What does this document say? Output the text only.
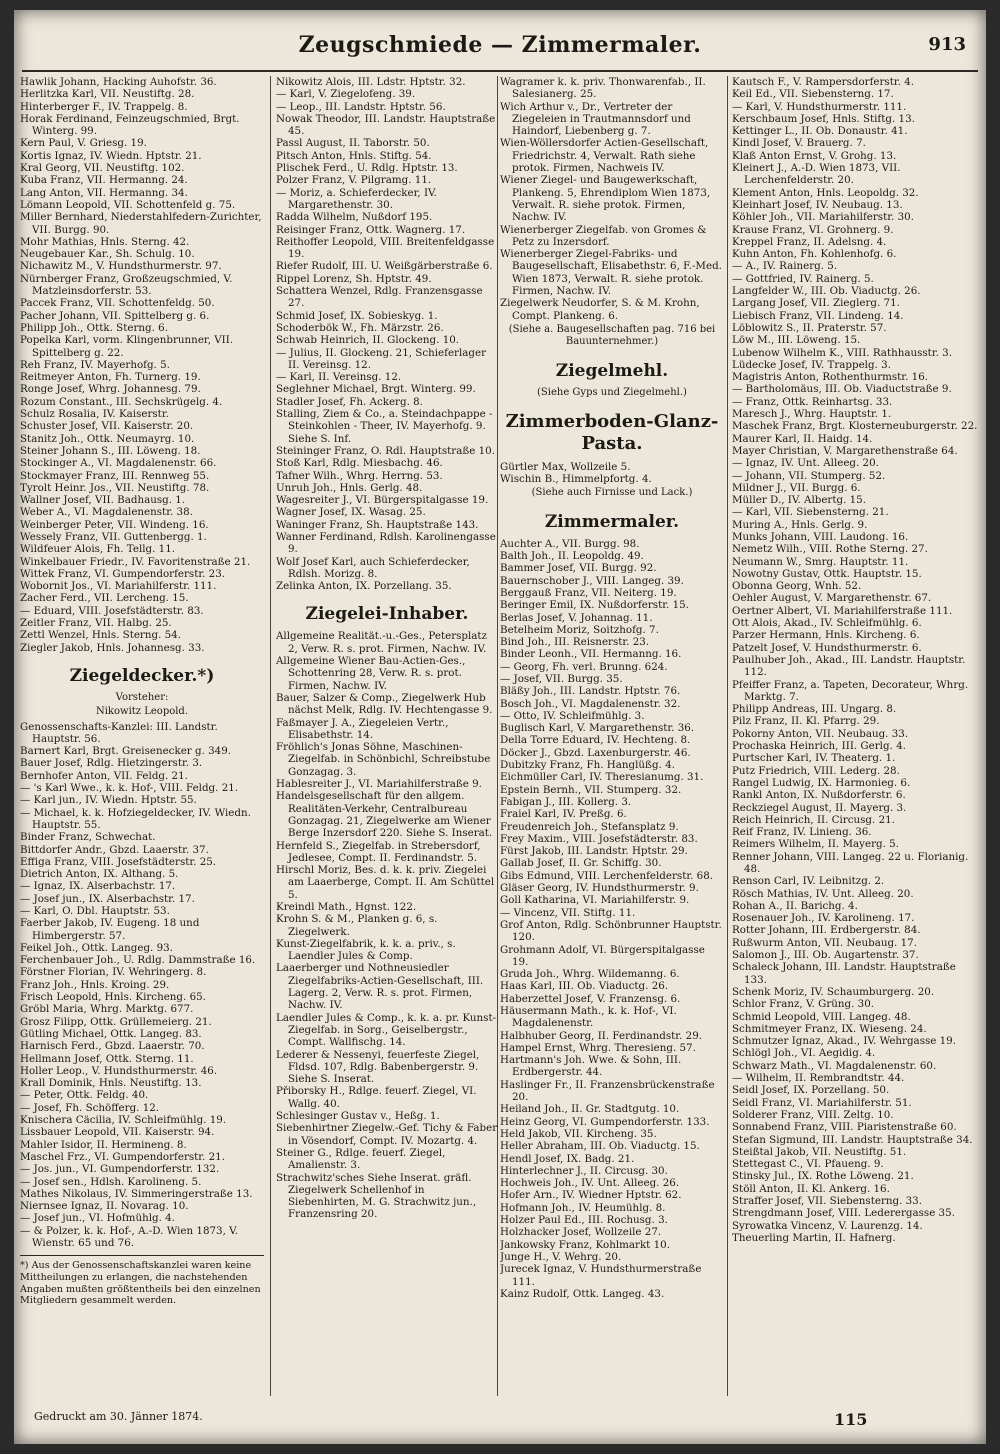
Zeugschmiede — Zimmermaler.	913
Hawlik Johann, Hacking Auhofstr. 36.
Herlitzka Karl, VII. Neustiftg. 28.
Hinterberger F., IV. Trappelg. 8.
Horak Ferdinand, Feinzeugschmied, Brgt. Winterg. 99.
Kern Paul, V. Griesg. 19.
Kortis Ignaz, IV. Wiedn. Hptstr. 21.
Kral Georg, VII. Neustiftg. 102.
Kuba Franz, VII. Hermanng. 24.
Lang Anton, VII. Hermanng. 34.
Lömann Leopold, VII. Schottenfeld g. 75.
Miller Bernhard, Niederstahlfedern-Zurichter, VII. Burgg. 90.
Mohr Mathias, Hnls. Sterng. 42.
Neugebauer Kar., Sh. Schulg. 10.
Nichawitz M., V. Hundsthurmerstr. 97.
Nürnberger Franz, Großzeugschmied, V. Matzleinsdorferstr. 53.
Paccek Franz, VII. Schottenfeldg. 50.
Pacher Johann, VII. Spittelberg g. 6.
Philipp Joh., Ottk. Sterng. 6.
Popelka Karl, vorm. Klingenbrunner, VII. Spittelberg g. 22.
Reh Franz, IV. Mayerhofg. 5.
Reitmeyer Anton, Fh. Turnerg. 19.
Ronge Josef, Whrg. Johannesg. 79.
Rozum Constant., III. Sechskrügelg. 4.
Schulz Rosalia, IV. Kaiserstr.
Schuster Josef, VII. Kaiserstr. 20.
Stanitz Joh., Ottk. Neumayrg. 10.
Steiner Johann S., III. Löweng. 18.
Stockinger A., VI. Magdalenenstr. 66.
Stockmayer Franz, III. Rennweg 55.
Tyrolt Heinr. Jos., VII. Neustiftg. 78.
Wallner Josef, VII. Badhausg. 1.
Weber A., VI. Magdalenenstr. 38.
Weinberger Peter, VII. Windeng. 16.
Wessely Franz, VII. Guttenbergg. 1.
Wildfeuer Alois, Fh. Tellg. 11.
Winkelbauer Friedr., IV. Favoritenstraße 21.
Wittek Franz, VI. Gumpendorferstr. 23.
Wobornit Jos., VI. Mariahilferstr. 111.
Zacher Ferd., VII. Lercheng. 15.
— Eduard, VIII. Josefstädterstr. 83.
Zeitler Franz, VII. Halbg. 25.
Zettl Wenzel, Hnls. Sterng. 54.
Ziegler Jakob, Hnls. Johannesg. 33.
Ziegeldecker.*)
Vorsteher:
Nikowitz Leopold.
Genossenschafts-Kanzlei: III. Landstr. Hauptstr. 56.
Barnert Karl, Brgt. Greisenecker g. 349.
Bauer Josef, Rdlg. Hietzingerstr. 3.
Bernhofer Anton, VII. Feldg. 21.
— 's Karl Wwe., k. k. Hof-, VIII. Feldg. 21.
— Karl jun., IV. Wiedn. Hptstr. 55.
— Michael, k. k. Hofziegeldecker, IV. Wiedn. Hauptstr. 55.
Binder Franz, Schwechat.
Bittdorfer Andr., Gbzd. Laaerstr. 37.
Effiga Franz, VIII. Josefstädterstr. 25.
Dietrich Anton, IX. Althang. 5.
— Ignaz, IX. Alserbachstr. 17.
— Josef jun., IX. Alserbachstr. 17.
— Karl, O. Dbl. Hauptstr. 53.
Faerber Jakob, IV. Eugeng. 18 und Himbergerstr. 57.
Feikel Joh., Ottk. Langeg. 93.
Ferchenbauer Joh., U. Rdlg. Dammstraße 16.
Förstner Florian, IV. Wehringerg. 8.
Franz Joh., Hnls. Kroing. 29.
Frisch Leopold, Hnls. Kircheng. 65.
Gröbl Maria, Whrg. Marktg. 677.
Grosz Filipp, Ottk. Grüllemeierg. 21.
Gütling Michael, Ottk. Langeg. 83.
Harnisch Ferd., Gbzd. Laaerstr. 70.
Hellmann Josef, Ottk. Sterng. 11.
Holler Leop., V. Hundsthurmerstr. 46.
Krall Dominik, Hnls. Neustiftg. 13.
— Peter, Ottk. Feldg. 40.
— Josef, Fh. Schöfferg. 12.
Knischera Cäcilia, IV. Schleifmühlg. 19.
Lissbauer Leopold, VII. Kaiserstr. 94.
Mahler Isidor, II. Hermineng. 8.
Maschel Frz., VI. Gumpendorferstr. 21.
— Jos. jun., VI. Gumpendorferstr. 132.
— Josef sen., Hdlsh. Karolineng. 5.
Mathes Nikolaus, IV. Simmeringerstraße 13.
Niernsee Ignaz, II. Novarag. 10.
— Josef jun., VI. Hofmühlg. 4.
— & Polzer, k. k. Hof-, A.-D. Wien 1873, V. Wienstr. 65 und 76.
*) Aus der Genossenschaftskanzlei waren keine Mittheilungen zu erlangen, die nachstehenden Angaben mußten größtentheils bei den einzelnen Mitgliedern gesammelt werden.
Nikowitz Alois, III. Ldstr. Hptstr. 32.
— Karl, V. Ziegelofeng. 39.
— Leop., III. Landstr. Hptstr. 56.
Nowak Theodor, III. Landstr. Hauptstraße 45.
Passl August, II. Taborstr. 50.
Pitsch Anton, Hnls. Stiftg. 54.
Plischek Ferd., U. Rdlg. Hptstr. 13.
Polzer Franz, V. Pilgramg. 11.
— Moriz, a. Schieferdecker, IV. Margarethenstr. 30.
Radda Wilhelm, Nußdorf 195.
Reisinger Franz, Ottk. Wagnerg. 17.
Reithoffer Leopold, VIII. Breitenfeldgasse 19.
Riefer Rudolf, III. U. Weißgärberstraße 6.
Rippel Lorenz, Sh. Hptstr. 49.
Schattera Wenzel, Rdlg. Franzensgasse 27.
Schmid Josef, IX. Sobieskyg. 1.
Schoderbök W., Fh. Märzstr. 26.
Schwab Heinrich, II. Glockeng. 10.
— Julius, II. Glockeng. 21, Schieferlager II. Vereinsg. 12.
— Karl, II. Vereinsg. 12.
Seglehner Michael, Brgt. Winterg. 99.
Stadler Josef, Fh. Ackerg. 8.
Stalling, Ziem & Co., a. Steindachpappe - Steinkohlen - Theer, IV. Mayerhofg. 9. Siehe S. Inf.
Steininger Franz, O. Rdl. Hauptstraße 10.
Stoß Karl, Rdlg. Miesbachg. 46.
Tafner Wilh., Whrg. Herrng. 53.
Unruh Joh., Hnls. Gerlg. 48.
Wagesreiter J., VI. Bürgerspitalgasse 19.
Wagner Josef, IX. Wasag. 25.
Waninger Franz, Sh. Hauptstraße 143.
Wanner Ferdinand, Rdlsh. Karolinengasse 9.
Wolf Josef Karl, auch Schieferdecker, Rdlsh. Morizg. 8.
Zelinka Anton, IX. Porzellang. 35.
Ziegelei-Inhaber.
Allgemeine Realität.-u.-Ges., Petersplatz 2, Verw. R. s. prot. Firmen, Nachw. IV.
Allgemeine Wiener Bau-Actien-Ges., Schottenring 28, Verw. R. s. prot. Firmen, Nachw. IV.
Bauer, Salzer & Comp., Ziegelwerk Hub nächst Melk, Rdlg. IV. Hechtengasse 9.
Faßmayer J. A., Ziegeleien Vertr., Elisabethstr. 14.
Fröhlich's Jonas Söhne, Maschinen-Ziegelfab. in Schönbichl, Schreibstube Gonzagag. 3.
Hablesreiter J., VI. Mariahilferstraße 9.
Handelsgesellschaft für den allgem. Realitäten-Verkehr, Centralbureau Gonzagag. 21, Ziegelwerke am Wiener Berge Inzersdorf 220. Siehe S. Inserat.
Hernfeld S., Ziegelfab. in Strebersdorf, Jedlesee, Compt. II. Ferdinandstr. 5.
Hirschl Moriz, Bes. d. k. k. priv. Ziegelei am Laaerberge, Compt. II. Am Schüttel 5.
Kreindl Math., Hgnst. 122.
Krohn S. & M., Planken g. 6, s. Ziegelwerk.
Kunst-Ziegelfabrik, k. k. a. priv., s. Laendler Jules & Comp.
Laaerberger und Nothneusiedler Ziegelfabriks-Actien-Gesellschaft, III. Lagerg. 2, Verw. R. s. prot. Firmen, Nachw. IV.
Laendler Jules & Comp., k. k. a. pr. Kunst-Ziegelfab. in Sorg., Geiselbergstr., Compt. Wallfischg. 14.
Lederer & Nessenyi, feuerfeste Ziegel, Fldsd. 107, Rdlg. Babenbergerstr. 9. Siehe S. Inserat.
Přiborsky H., Rdlge. feuerf. Ziegel, VI. Wallg. 40.
Schlesinger Gustav v., Heßg. 1.
Siebenhirtner Ziegelw.-Gef. Tichy & Faber in Vösendorf, Compt. IV. Mozartg. 4.
Steiner G., Rdlge. feuerf. Ziegel, Amalienstr. 3.
Strachwitz'sches Siehe Inserat. gräfl. Ziegelwerk Schellenhof in Siebenhirten, M. G. Strachwitz jun., Franzensring 20.
Wagramer k. k. priv. Thonwarenfab., II. Salesianerg. 25.
Wich Arthur v., Dr., Vertreter der Ziegeleien in Trautmannsdorf und Haindorf, Liebenberg g. 7.
Wien-Wöllersdorfer Actien-Gesellschaft, Friedrichstr. 4, Verwalt. Rath siehe protok. Firmen, Nachweis IV.
Wiener Ziegel- und Baugewerkschaft, Plankeng. 5, Ehrendiplom Wien 1873, Verwalt. R. siehe protok. Firmen, Nachw. IV.
Wienerberger Ziegelfab. von Gromes & Petz zu Inzersdorf.
Wienerberger Ziegel-Fabriks- und Baugesellschaft, Elisabethstr. 6, F.-Med. Wien 1873, Verwalt. R. siehe protok. Firmen, Nachw. IV.
Ziegelwerk Neudorfer, S. & M. Krohn, Compt. Plankeng. 6.
(Siehe a. Baugesellschaften pag. 716 bei Bauunternehmer.)
Ziegelmehl.
(Siehe Gyps und Ziegelmehl.)
Zimmerboden-Glanz-Pasta.
Gürtler Max, Wollzeile 5.
Wischin B., Himmelpfortg. 4.
(Siehe auch Firnisse und Lack.)
Zimmermaler.
Auchter A., VII. Burgg. 98.
Balth Joh., II. Leopoldg. 49.
Bammer Josef, VII. Burgg. 92.
Bauernschober J., VIII. Langeg. 39.
Berggauß Franz, VII. Neiterg. 19.
Beringer Emil, IX. Nußdorferstr. 15.
Berlas Josef, V. Johannag. 11.
Betelheim Moriz, Soitzhofg. 7.
Bind Joh., III. Reisnerstr. 23.
Binder Leonh., VII. Hermanng. 16.
— Georg, Fh. verl. Brunng. 624.
— Josef, VII. Burgg. 35.
Bläßy Joh., III. Landstr. Hptstr. 76.
Bosch Joh., VI. Magdalenenstr. 32.
— Otto, IV. Schleifmühlg. 3.
Buglisch Karl, V. Margarethenstr. 36.
Della Torre Eduard, IV. Hechteng. 8.
Döcker J., Gbzd. Laxenburgerstr. 46.
Dubitzky Franz, Fh. Hanglüßg. 4.
Eichmüller Carl, IV. Theresianumg. 31.
Epstein Bernh., VII. Stumperg. 32.
Fabigan J., III. Kollerg. 3.
Fraiel Karl, IV. Preßg. 6.
Freudenreich Joh., Stefansplatz 9.
Frey Maxim., VIII. Josefstädterstr. 83.
Fürst Jakob, III. Landstr. Hptstr. 29.
Gallab Josef, II. Gr. Schiffg. 30.
Gibs Edmund, VIII. Lerchenfelderstr. 68.
Gläser Georg, IV. Hundsthurmerstr. 9.
Goll Katharina, VI. Mariahilferstr. 9.
— Vincenz, VII. Stiftg. 11.
Grof Anton, Rdlg. Schönbrunner Hauptstr. 120.
Grohmann Adolf, VI. Bürgerspitalgasse 19.
Gruda Joh., Whrg. Wildemanng. 6.
Haas Karl, III. Ob. Viaductg. 26.
Haberzettel Josef, V. Franzensg. 6.
Häusermann Math., k. k. Hof-, VI. Magdalenenstr.
Halbhuber Georg, II. Ferdinandstr. 29.
Hampel Ernst, Whrg. Theresieng. 57.
Hartmann's Joh. Wwe. & Sohn, III. Erdbergerstr. 44.
Haslinger Fr., II. Franzensbrückenstraße 20.
Heiland Joh., II. Gr. Stadtgutg. 10.
Heinz Georg, VI. Gumpendorferstr. 133.
Held Jakob, VII. Kircheng. 35.
Heller Abraham, III. Ob. Viaductg. 15.
Hendl Josef, IX. Badg. 21.
Hinterlechner J., II. Circusg. 30.
Hochweis Joh., IV. Unt. Alleeg. 26.
Hofer Arn., IV. Wiedner Hptstr. 62.
Hofmann Joh., IV. Heumühlg. 8.
Holzer Paul Ed., III. Rochusg. 3.
Holzhacker Josef, Wollzeile 27.
Jankowsky Franz, Kohlmarkt 10.
Junge H., V. Wehrg. 20.
Jurecek Ignaz, V. Hundsthurmerstraße 111.
Kainz Rudolf, Ottk. Langeg. 43.
Kautsch F., V. Rampersdorferstr. 4.
Keil Ed., VII. Siebensterng. 17.
— Karl, V. Hundsthurmerstr. 111.
Kerschbaum Josef, Hnls. Stiftg. 13.
Kettinger L., II. Ob. Donaustr. 41.
Kindl Josef, V. Brauerg. 7.
Klaß Anton Ernst, V. Grohg. 13.
Kleinert J., A.-D. Wien 1873, VII. Lerchenfelderstr. 20.
Klement Anton, Hnls. Leopoldg. 32.
Kleinhart Josef, IV. Neubaug. 13.
Köhler Joh., VII. Mariahilferstr. 30.
Krause Franz, VI. Grohnerg. 9.
Kreppel Franz, II. Adelsng. 4.
Kuhn Anton, Fh. Kohlenhofg. 6.
— A., IV. Rainerg. 5.
— Gottfried, IV. Rainerg. 5.
Langfelder W., III. Ob. Viaductg. 26.
Largang Josef, VII. Zieglerg. 71.
Liebisch Franz, VII. Lindeng. 14.
Löblowitz S., II. Praterstr. 57.
Löw M., III. Löweng. 15.
Lubenow Wilhelm K., VIII. Rathhausstr. 3.
Lüdecke Josef, IV. Trappelg. 3.
Magistris Anton, Rothenthurmstr. 16.
— Bartholomäus, III. Ob. Viaductstraße 9.
— Franz, Ottk. Reinhartsg. 33.
Maresch J., Whrg. Hauptstr. 1.
Maschek Franz, Brgt. Klosterneuburgerstr. 22.
Maurer Karl, II. Haidg. 14.
Mayer Christian, V. Margarethenstraße 64.
— Ignaz, IV. Unt. Alleeg. 20.
— Johann, VII. Stumperg. 52.
Mildner J., VII. Burgg. 6.
Müller D., IV. Albertg. 15.
— Karl, VII. Siebensterng. 21.
Muring A., Hnls. Gerlg. 9.
Munks Johann, VIII. Laudong. 16.
Nemetz Wilh., VIII. Rothe Sterng. 27.
Neumann W., Smrg. Hauptstr. 11.
Nowotny Gustav, Ottk. Hauptstr. 15.
Obonna Georg, Wnh. 52.
Oehler August, V. Margarethenstr. 67.
Oertner Albert, VI. Mariahilferstraße 111.
Ott Alois, Akad., IV. Schleifmühlg. 6.
Parzer Hermann, Hnls. Kircheng. 6.
Patzelt Josef, V. Hundsthurmerstr. 6.
Paulhuber Joh., Akad., III. Landstr. Hauptstr. 112.
Pfeiffer Franz, a. Tapeten, Decorateur, Whrg. Marktg. 7.
Philipp Andreas, III. Ungarg. 8.
Pilz Franz, II. Kl. Pfarrg. 29.
Pokorny Anton, VII. Neubaug. 33.
Prochaska Heinrich, III. Gerlg. 4.
Purtscher Karl, IV. Theaterg. 1.
Putz Friedrich, VIII. Lederg. 28.
Rangel Ludwig, IX. Harmonieg. 6.
Rankl Anton, IX. Nußdorferstr. 6.
Reckziegel August, II. Mayerg. 3.
Reich Heinrich, II. Circusg. 21.
Reif Franz, IV. Linieng. 36.
Reimers Wilhelm, II. Mayerg. 5.
Renner Johann, VIII. Langeg. 22 u. Florianig. 48.
Renson Carl, IV. Leibnitzg. 2.
Rösch Mathias, IV. Unt. Alleeg. 20.
Rohan A., II. Barichg. 4.
Rosenauer Joh., IV. Karolineng. 17.
Rotter Johann, III. Erdbergerstr. 84.
Rußwurm Anton, VII. Neubaug. 17.
Salomon J., III. Ob. Augartenstr. 37.
Schaleck Johann, III. Landstr. Hauptstraße 133.
Schenk Moriz, IV. Schaumburgerg. 20.
Schlor Franz, V. Grüng. 30.
Schmid Leopold, VIII. Langeg. 48.
Schmitmeyer Franz, IX. Wieseng. 24.
Schmutzer Ignaz, Akad., IV. Wehrgasse 19.
Schlögl Joh., VI. Aegidig. 4.
Schwarz Math., VI. Magdalenenstr. 60.
— Wilhelm, II. Rembrandtstr. 44.
Seidl Josef, IX. Porzellang. 50.
Seidl Franz, VI. Mariahilferstr. 51.
Solderer Franz, VIII. Zeltg. 10.
Sonnabend Franz, VIII. Piaristenstraße 60.
Stefan Sigmund, III. Landstr. Hauptstraße 34.
Steißtal Jakob, VII. Neustiftg. 51.
Stettegast C., VI. Pfaueng. 9.
Stinsky Jul., IX. Rothe Löweng. 21.
Stöll Anton, II. Kl. Ankerg. 16.
Straffer Josef, VII. Siebensterng. 33.
Strengdmann Josef, VIII. Lederergasse 35.
Syrowatka Vincenz, V. Laurenzg. 14.
Theuerling Martin, II. Hafnerg.
Gedruckt am 30. Jänner 1874.	115
